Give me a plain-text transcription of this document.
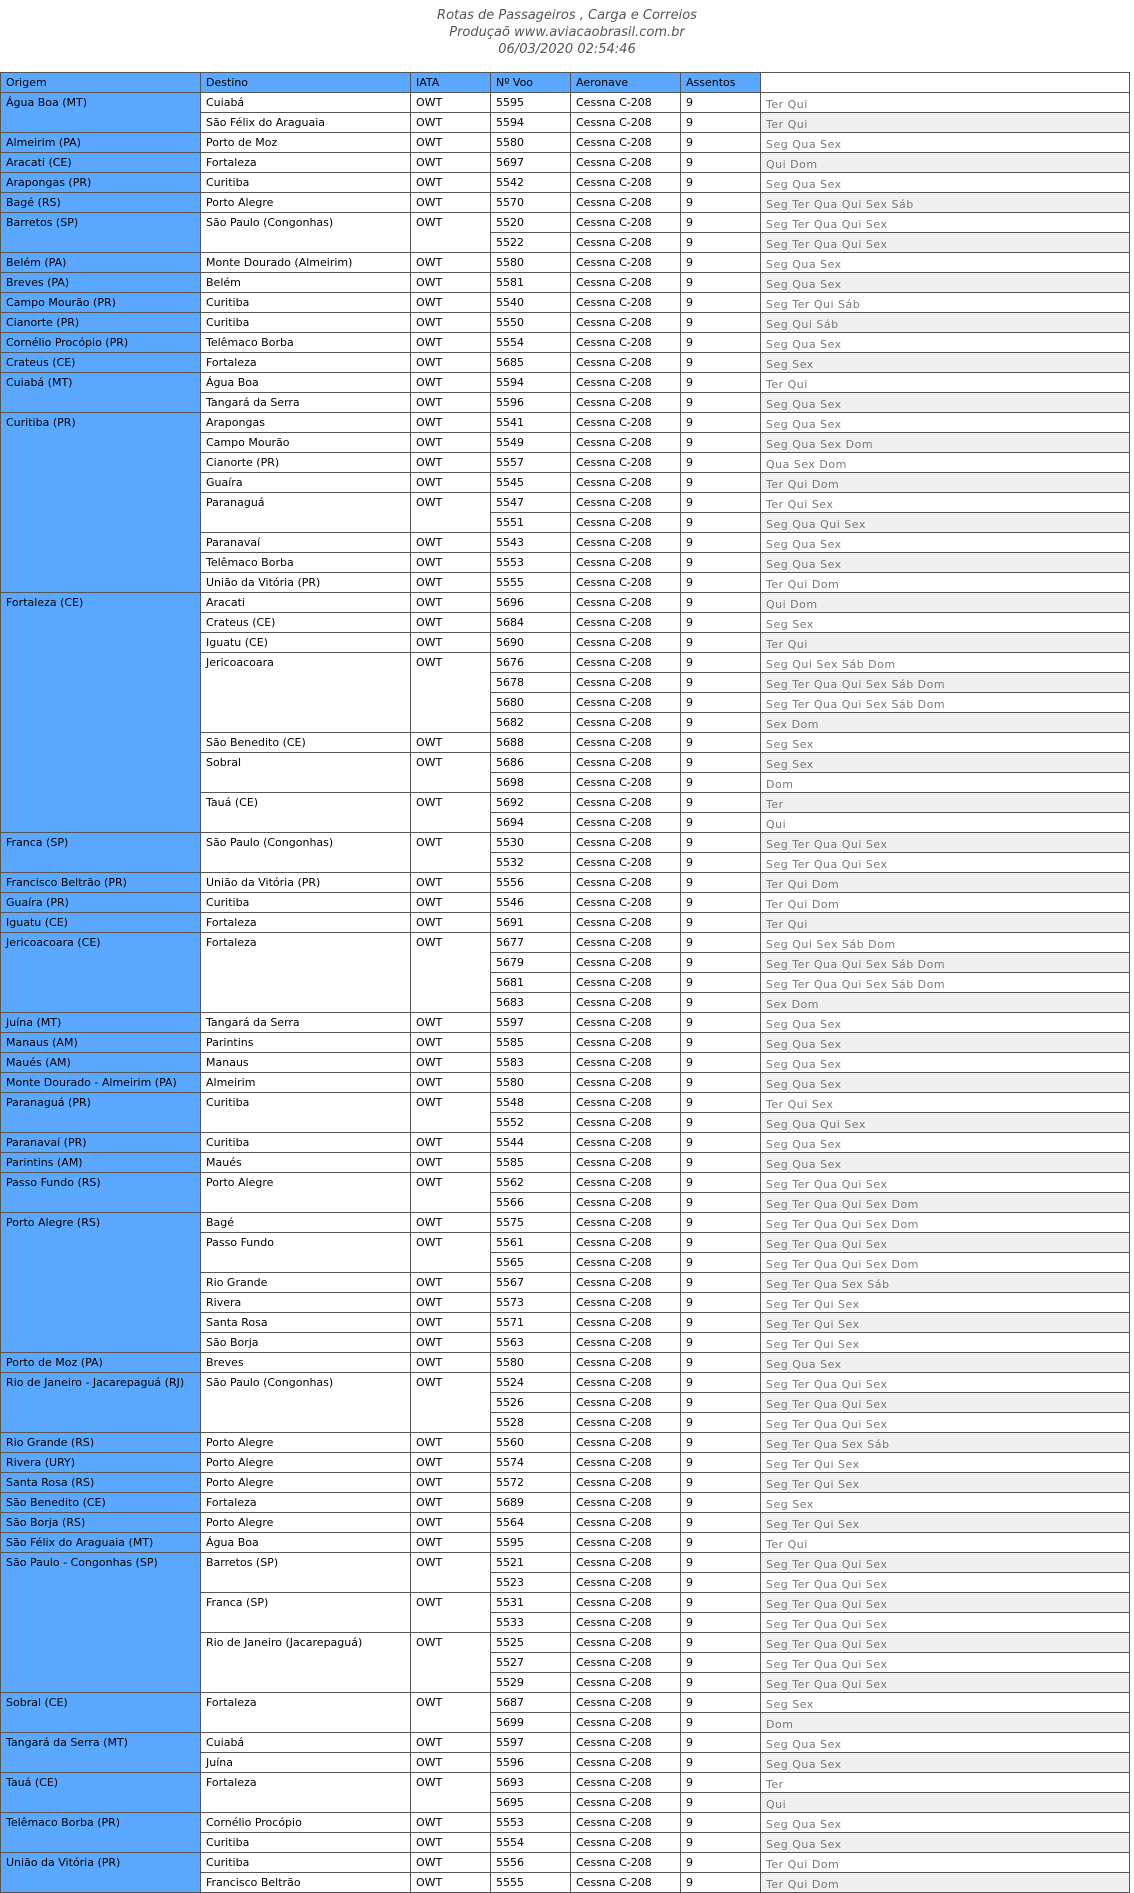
Rotas de Passageiros , Carga e Correios
Produçaõ www.aviacaobrasil.com.br
06/03/2020 02:54:46
Origem	Destino	IATA	Nº Voo	Aeronave	Assentos	
Água Boa (MT)	Cuiabá	OWT	5595	Cessna C-208	9	Ter Qui
	São Félix do Araguaia	OWT	5594	Cessna C-208	9	Ter Qui
Almeirim (PA)	Porto de Moz	OWT	5580	Cessna C-208	9	Seg Qua Sex
Aracati (CE)	Fortaleza	OWT	5697	Cessna C-208	9	Qui Dom
Arapongas (PR)	Curitiba	OWT	5542	Cessna C-208	9	Seg Qua Sex
Bagé (RS)	Porto Alegre	OWT	5570	Cessna C-208	9	Seg Ter Qua Qui Sex Sáb
Barretos (SP)	São Paulo (Congonhas)	OWT	5520	Cessna C-208	9	Seg Ter Qua Qui Sex
			5522	Cessna C-208	9	Seg Ter Qua Qui Sex
Belém (PA)	Monte Dourado (Almeirim)	OWT	5580	Cessna C-208	9	Seg Qua Sex
Breves (PA)	Belém	OWT	5581	Cessna C-208	9	Seg Qua Sex
Campo Mourão (PR)	Curitiba	OWT	5540	Cessna C-208	9	Seg Ter Qui Sáb
Cianorte (PR)	Curitiba	OWT	5550	Cessna C-208	9	Seg Qui Sáb
Cornélio Procópio (PR)	Telêmaco Borba	OWT	5554	Cessna C-208	9	Seg Qua Sex
Crateus (CE)	Fortaleza	OWT	5685	Cessna C-208	9	Seg Sex
Cuiabá (MT)	Água Boa	OWT	5594	Cessna C-208	9	Ter Qui
	Tangará da Serra	OWT	5596	Cessna C-208	9	Seg Qua Sex
Curitiba (PR)	Arapongas	OWT	5541	Cessna C-208	9	Seg Qua Sex
	Campo Mourão	OWT	5549	Cessna C-208	9	Seg Qua Sex Dom
	Cianorte (PR)	OWT	5557	Cessna C-208	9	Qua Sex Dom
	Guaíra	OWT	5545	Cessna C-208	9	Ter Qui Dom
	Paranaguá	OWT	5547	Cessna C-208	9	Ter Qui Sex
			5551	Cessna C-208	9	Seg Qua Qui Sex
	Paranavaí	OWT	5543	Cessna C-208	9	Seg Qua Sex
	Telêmaco Borba	OWT	5553	Cessna C-208	9	Seg Qua Sex
	União da Vitória (PR)	OWT	5555	Cessna C-208	9	Ter Qui Dom
Fortaleza (CE)	Aracati	OWT	5696	Cessna C-208	9	Qui Dom
	Crateus (CE)	OWT	5684	Cessna C-208	9	Seg Sex
	Iguatu (CE)	OWT	5690	Cessna C-208	9	Ter Qui
	Jericoacoara	OWT	5676	Cessna C-208	9	Seg Qui Sex Sáb Dom
			5678	Cessna C-208	9	Seg Ter Qua Qui Sex Sáb Dom
			5680	Cessna C-208	9	Seg Ter Qua Qui Sex Sáb Dom
			5682	Cessna C-208	9	Sex Dom
	São Benedito (CE)	OWT	5688	Cessna C-208	9	Seg Sex
	Sobral	OWT	5686	Cessna C-208	9	Seg Sex
			5698	Cessna C-208	9	Dom
	Tauá (CE)	OWT	5692	Cessna C-208	9	Ter
			5694	Cessna C-208	9	Qui
Franca (SP)	São Paulo (Congonhas)	OWT	5530	Cessna C-208	9	Seg Ter Qua Qui Sex
			5532	Cessna C-208	9	Seg Ter Qua Qui Sex
Francisco Beltrão (PR)	União da Vitória (PR)	OWT	5556	Cessna C-208	9	Ter Qui Dom
Guaíra (PR)	Curitiba	OWT	5546	Cessna C-208	9	Ter Qui Dom
Iguatu (CE)	Fortaleza	OWT	5691	Cessna C-208	9	Ter Qui
Jericoacoara (CE)	Fortaleza	OWT	5677	Cessna C-208	9	Seg Qui Sex Sáb Dom
			5679	Cessna C-208	9	Seg Ter Qua Qui Sex Sáb Dom
			5681	Cessna C-208	9	Seg Ter Qua Qui Sex Sáb Dom
			5683	Cessna C-208	9	Sex Dom
Juína (MT)	Tangará da Serra	OWT	5597	Cessna C-208	9	Seg Qua Sex
Manaus (AM)	Parintins	OWT	5585	Cessna C-208	9	Seg Qua Sex
Maués (AM)	Manaus	OWT	5583	Cessna C-208	9	Seg Qua Sex
Monte Dourado - Almeirim (PA)	Almeirim	OWT	5580	Cessna C-208	9	Seg Qua Sex
Paranaguá (PR)	Curitiba	OWT	5548	Cessna C-208	9	Ter Qui Sex
			5552	Cessna C-208	9	Seg Qua Qui Sex
Paranavaí (PR)	Curitiba	OWT	5544	Cessna C-208	9	Seg Qua Sex
Parintins (AM)	Maués	OWT	5585	Cessna C-208	9	Seg Qua Sex
Passo Fundo (RS)	Porto Alegre	OWT	5562	Cessna C-208	9	Seg Ter Qua Qui Sex
			5566	Cessna C-208	9	Seg Ter Qua Qui Sex Dom
Porto Alegre (RS)	Bagé	OWT	5575	Cessna C-208	9	Seg Ter Qua Qui Sex Dom
	Passo Fundo	OWT	5561	Cessna C-208	9	Seg Ter Qua Qui Sex
			5565	Cessna C-208	9	Seg Ter Qua Qui Sex Dom
	Rio Grande	OWT	5567	Cessna C-208	9	Seg Ter Qua Sex Sáb
	Rivera	OWT	5573	Cessna C-208	9	Seg Ter Qui Sex
	Santa Rosa	OWT	5571	Cessna C-208	9	Seg Ter Qui Sex
	São Borja	OWT	5563	Cessna C-208	9	Seg Ter Qui Sex
Porto de Moz (PA)	Breves	OWT	5580	Cessna C-208	9	Seg Qua Sex
Rio de Janeiro - Jacarepaguá (RJ)	São Paulo (Congonhas)	OWT	5524	Cessna C-208	9	Seg Ter Qua Qui Sex
			5526	Cessna C-208	9	Seg Ter Qua Qui Sex
			5528	Cessna C-208	9	Seg Ter Qua Qui Sex
Rio Grande (RS)	Porto Alegre	OWT	5560	Cessna C-208	9	Seg Ter Qua Sex Sáb
Rivera (URY)	Porto Alegre	OWT	5574	Cessna C-208	9	Seg Ter Qui Sex
Santa Rosa (RS)	Porto Alegre	OWT	5572	Cessna C-208	9	Seg Ter Qui Sex
São Benedito (CE)	Fortaleza	OWT	5689	Cessna C-208	9	Seg Sex
São Borja (RS)	Porto Alegre	OWT	5564	Cessna C-208	9	Seg Ter Qui Sex
São Félix do Araguaia (MT)	Água Boa	OWT	5595	Cessna C-208	9	Ter Qui
São Paulo - Congonhas (SP)	Barretos (SP)	OWT	5521	Cessna C-208	9	Seg Ter Qua Qui Sex
			5523	Cessna C-208	9	Seg Ter Qua Qui Sex
	Franca (SP)	OWT	5531	Cessna C-208	9	Seg Ter Qua Qui Sex
			5533	Cessna C-208	9	Seg Ter Qua Qui Sex
	Rio de Janeiro (Jacarepaguá)	OWT	5525	Cessna C-208	9	Seg Ter Qua Qui Sex
			5527	Cessna C-208	9	Seg Ter Qua Qui Sex
			5529	Cessna C-208	9	Seg Ter Qua Qui Sex
Sobral (CE)	Fortaleza	OWT	5687	Cessna C-208	9	Seg Sex
			5699	Cessna C-208	9	Dom
Tangará da Serra (MT)	Cuiabá	OWT	5597	Cessna C-208	9	Seg Qua Sex
	Juína	OWT	5596	Cessna C-208	9	Seg Qua Sex
Tauá (CE)	Fortaleza	OWT	5693	Cessna C-208	9	Ter
			5695	Cessna C-208	9	Qui
Telêmaco Borba (PR)	Cornélio Procópio	OWT	5553	Cessna C-208	9	Seg Qua Sex
	Curitiba	OWT	5554	Cessna C-208	9	Seg Qua Sex
União da Vitória (PR)	Curitiba	OWT	5556	Cessna C-208	9	Ter Qui Dom
	Francisco Beltrão	OWT	5555	Cessna C-208	9	Ter Qui Dom
